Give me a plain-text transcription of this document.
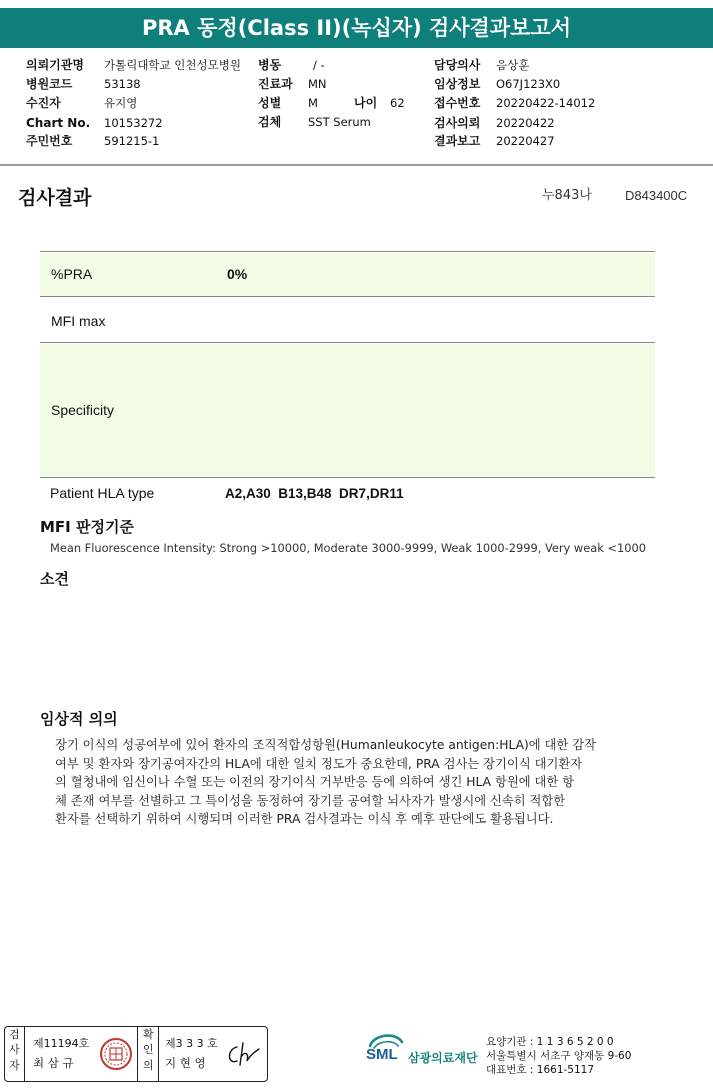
PRA 동정(Class II)(녹십자) 검사결과보고서
의뢰기관명 가톨릭대학교 인천성모병원 병동	/ -	담당의사 음상훈
병원코드	53138	진료과 MN	임상정보 O67J123X0
수진자	유지영	성별 M	나이 62 접수번호 20220422-14012
Chart No. 10153272	검체 SST Serum	검사의뢰 20220422
주민번호	591215-1	결과보고 20220427
검사결과	누843나	D843400C
%PRA	0%
MFI max
Specificity
Patient HLA type	A2,A30  B13,B48  DR7,DR11
MFI 판정기준
Mean Fluorescence Intensity: Strong >10000, Moderate 3000-9999, Weak 1000-2999, Very weak <1000
소견
임상적 의의
장기 이식의 성공여부에 있어 환자의 조직적합성항원(Humanleukocyte antigen:HLA)에 대한 감작
여부 및 환자와 장기공여자간의 HLA에 대한 일치 정도가 중요한데, PRA 검사는 장기이식 대기환자
의 혈청내에 임신이나 수혈 또는 이전의 장기이식 거부반응 등에 의하여 생긴 HLA 항원에 대한 항
체 존재 여부를 선별하고 그 특이성을 동정하여 장기를 공여할 뇌사자가 발생시에 신속히 적합한
환자를 선택하기 위하여 시행되며 이러한 PRA 검사결과는 이식 후 예후 판단에도 활용됩니다.
검
사
자
제11194호
최 삼 규
확
인
의
제3 3 3 호
지 현 영	SML 삼광의료재단
요양기관 : 1 1 3 6 5 2 0 0
서울특별시 서초구 양재동 9-60
대표번호 : 1661-5117
